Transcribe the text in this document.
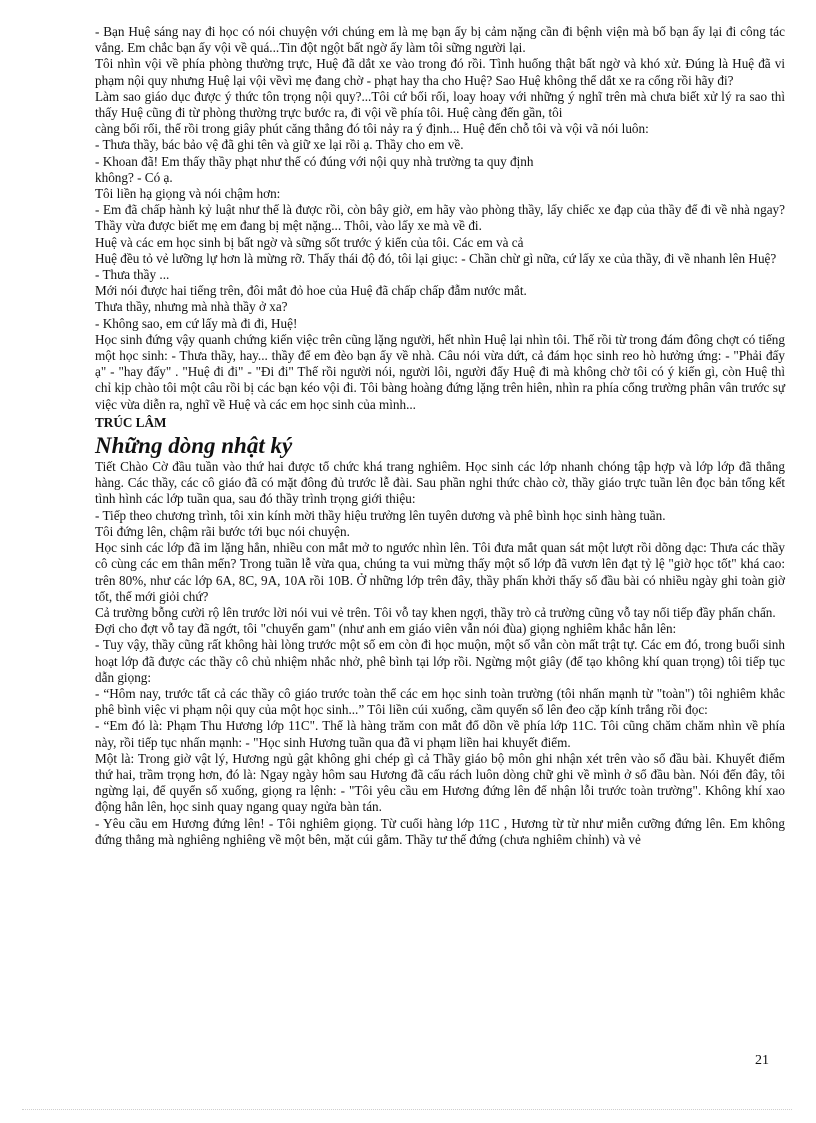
- Bạn Huệ sáng nay đi học có nói chuyện với chúng em là mẹ bạn ấy bị cảm nặng cần đi bệnh viện mà bố bạn ấy lại đi công tác vắng. Em chắc bạn ấy vội về quá...Tin đột ngột bất ngờ ấy làm tôi sững người lại.

Tôi nhìn vội về phía phòng thường trực, Huệ đã dắt xe vào trong đó rồi. Tình huống thật bất ngờ và khó xử. Đúng là Huệ đã vi phạm nội quy nhưng Huệ lại vội vềvì mẹ đang chờ - phạt hay tha cho Huệ? Sao Huệ không thể dắt xe ra cổng rồi hãy đi?

Làm sao giáo dục được ý thức tôn trọng nội quy?...Tôi cứ bối rối, loay hoay với những ý nghĩ trên mà chưa biết xử lý ra sao thì thấy Huệ cũng đi từ phòng thường trực bước ra, đi vội về phía tôi. Huệ càng đến gần, tôi

càng bối rối, thế rồi trong giây phút căng thẳng đó tôi nảy ra ý định... Huệ đến chỗ tôi và vội vã nói luôn:

- Thưa thầy, bác bảo vệ đã ghi tên và giữ xe lại rồi ạ. Thầy cho em về.

- Khoan đã! Em thấy thầy phạt như thế có đúng với nội quy nhà trường ta quy định

không? - Có ạ.

Tôi liền hạ giọng và nói chậm hơn:

- Em đã chấp hành kỷ luật như thế là được rồi, còn bây giờ, em hãy vào phòng thầy, lấy chiếc xe đạp của thầy để đi về nhà ngay? Thầy vừa được biết mẹ em đang bị mệt nặng... Thôi, vào lấy xe mà về đi.

Huệ và các em học sinh bị bất ngờ và sững sốt trước ý kiến của tôi. Các em và cả

Huệ đều tỏ vẻ lưỡng lự hơn là mừng rỡ. Thấy thái độ đó, tôi lại giục: - Chần chừ gì nữa, cứ lấy xe của thầy, đi về nhanh lên Huệ?

- Thưa thầy ...

Mới nói được hai tiếng trên, đôi mắt đỏ hoe của Huệ đã chấp chấp đẫm nước mắt.

Thưa thầy, nhưng mà nhà thầy ở xa?

- Không sao, em cứ lấy mà đi đi, Huệ!

Học sinh đứng vậy quanh chứng kiến việc trên cũng lặng người, hết nhìn Huệ lại nhìn tôi. Thế rồi từ trong đám đông chợt có tiếng một học sinh: - Thưa thầy, hay... thầy để em đèo bạn ấy về nhà. Câu nói vừa dứt, cả đám học sinh reo hò hưởng ứng: - "Phải đấy ạ" - "hay đấy" . "Huệ đi đi" - "Đi đi" Thế rồi người nói, người lôi, người đẩy Huệ đi mà không chờ tôi có ý kiến gì, còn Huệ thì chỉ kịp chào tôi một câu rồi bị các bạn kéo vội đi. Tôi bàng hoàng đứng lặng trên hiên, nhìn ra phía cổng trường phân vân trước sự việc vừa diễn ra, nghĩ về Huệ và các em học sinh của mình...

TRÚC LÂM

Những dòng nhật ký

Tiết Chào Cờ đầu tuần vào thứ hai được tổ chức khá trang nghiêm. Học sinh các lớp nhanh chóng tập hợp và lớp lớp đã thẳng hàng. Các thầy, các cô giáo đã có mặt đông đủ trước lễ đài. Sau phần nghi thức chào cờ, thầy giáo trực tuần lên đọc bản tổng kết tình hình các lớp tuần qua, sau đó thầy trình trọng giới thiệu:

- Tiếp theo chương trình, tôi xin kính mời thầy hiệu trưởng lên tuyên dương và phê bình học sinh hàng tuần.

Tôi đứng lên, chậm rãi bước tới bục nói chuyện.

Học sinh các lớp đã im lặng hẳn, nhiều con mắt mở to ngước nhìn lên. Tôi đưa mắt quan sát một lượt rồi dõng dạc: Thưa các thầy cô cùng các em thân mến? Trong tuần lễ vừa qua, chúng ta vui mừng thấy một số lớp đã vươn lên đạt tỷ lệ "giờ học tốt" khá cao: trên 80%, như các lớp 6A, 8C, 9A, 10A rồi 10B. Ở những lớp trên đây, thầy phấn khởi thấy số đầu bài có nhiều ngày ghi toàn giờ tốt, thế mới giỏi chứ?

Cả trường bỗng cười rộ lên trước lời nói vui vẻ trên. Tôi vỗ tay khen ngợi, thầy trò cả trường cũng vỗ tay nối tiếp đầy phấn chấn.

Đợi cho đợt vỗ tay đã ngớt, tôi "chuyển gam" (như anh em giáo viên vẫn nói đùa) giọng nghiêm khắc hẳn lên:

- Tuy vậy, thầy cũng rất không hài lòng trước một số em còn đi học muộn, một số vẫn còn mất trật tự. Các em đó, trong buổi sinh hoạt lớp đã được các thầy cô chủ nhiệm nhắc nhở, phê bình tại lớp rồi. Ngừng một giây (để tạo không khí quan trọng) tôi tiếp tục dẫn giọng:

- “Hôm nay, trước tất cả các thầy cô giáo trước toàn thể các em học sinh toàn trường (tôi nhấn mạnh từ "toàn") tôi nghiêm khắc phê bình việc vi phạm nội quy của một học sinh...” Tôi liền cúi xuống, cầm quyển sổ lên đeo cặp kính trắng rồi đọc:

- “Em đó là: Phạm Thu Hương lớp 11C". Thế là hàng trăm con mắt đổ dồn về phía lớp 11C. Tôi cũng chăm chăm nhìn về phía này, rồi tiếp tục nhấn mạnh: - "Học sinh Hương tuần qua đã vi phạm liền hai khuyết điểm.

Một là: Trong giờ vật lý, Hương ngủ gật không ghi chép gì cả Thầy giáo bộ môn ghi nhận xét trên vào sổ đầu bài. Khuyết điểm thứ hai, trầm trọng hơn, đó là: Ngay ngày hôm sau Hương đã cấu rách luôn dòng chữ ghi về mình ở sổ đầu bàn. Nói đến đây, tôi ngừng lại, để quyển sổ xuống, giọng ra lệnh: - "Tôi yêu cầu em Hương đứng lên để nhận lỗi trước toàn trường". Không khí xao động hẳn lên, học sinh quay ngang quay ngửa bàn tán.

- Yêu cầu em Hương đứng lên! - Tôi nghiêm giọng. Từ cuối hàng lớp 11C , Hương từ từ như miễn cưỡng đứng lên. Em không đứng thẳng mà nghiêng nghiêng về một bên, mặt cúi gằm. Thầy tư thế đứng (chưa nghiêm chỉnh) và vẻ

21
